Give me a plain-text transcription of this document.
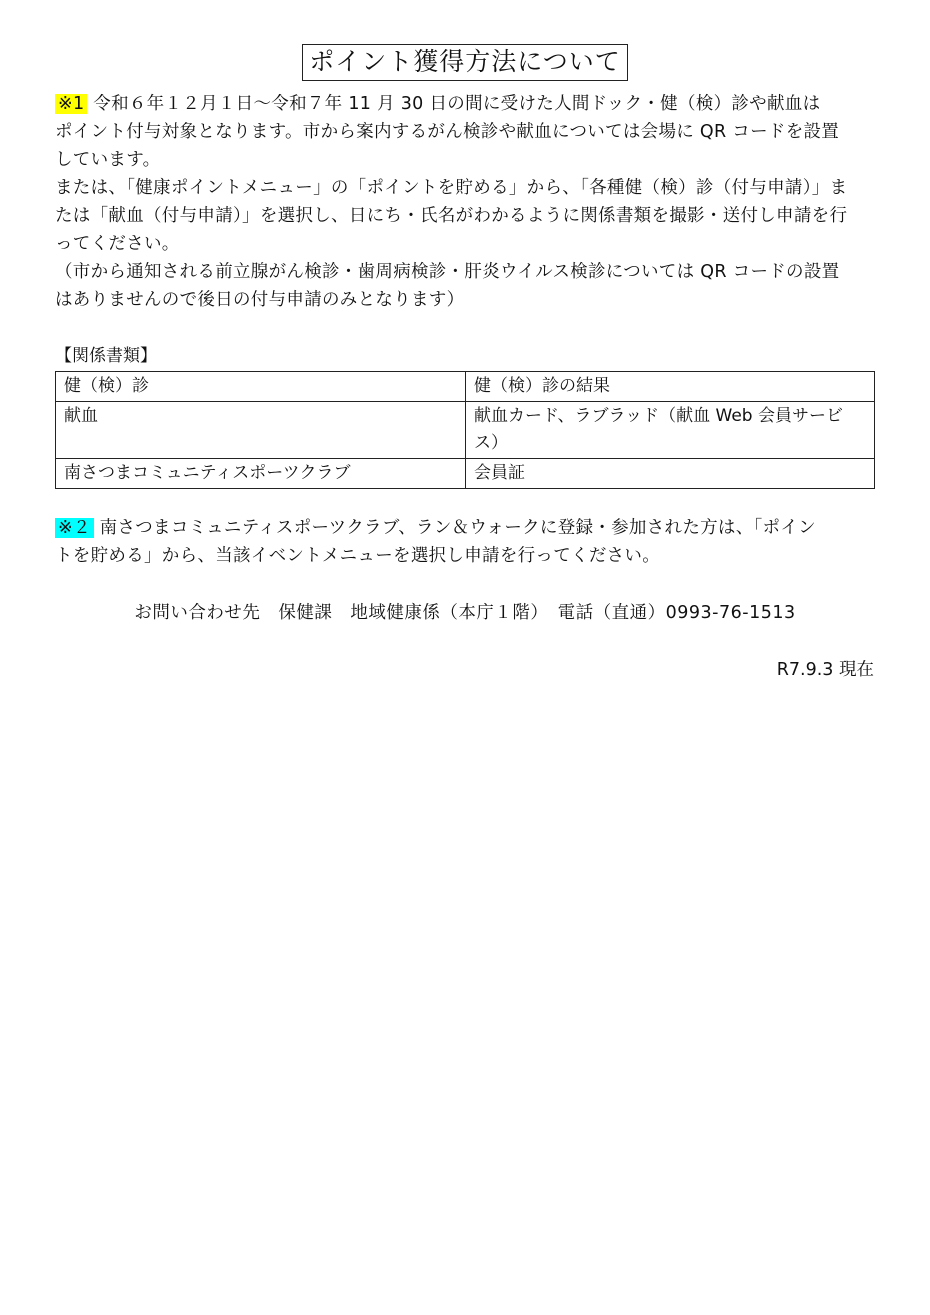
ポイント獲得方法について

※1 令和６年１２月１日～令和７年 11 月 30 日の間に受けた人間ドック・健（検）診や献血は

ポイント付与対象となります。市から案内するがん検診や献血については会場に QR コードを設置

しています。

または、「健康ポイントメニュー」の「ポイントを貯める」から、「各種健（検）診（付与申請）」ま

たは「献血（付与申請）」を選択し、日にち・氏名がわかるように関係書類を撮影・送付し申請を行

ってください。

（市から通知される前立腺がん検診・歯周病検診・肝炎ウイルス検診については QR コードの設置

はありませんので後日の付与申請のみとなります）

【関係書類】
健（検）診	健（検）診の結果
献血	献血カード、ラブラッド（献血 Web 会員サービス）
南さつまコミュニティスポーツクラブ	会員証

※２ 南さつまコミュニティスポーツクラブ、ラン＆ウォークに登録・参加された方は、「ポイン

トを貯める」から、当該イベントメニューを選択し申請を行ってください。

お問い合わせ先　保健課　地域健康係（本庁１階）　電話（直通）0993-76-1513
R7.9.3 現在
